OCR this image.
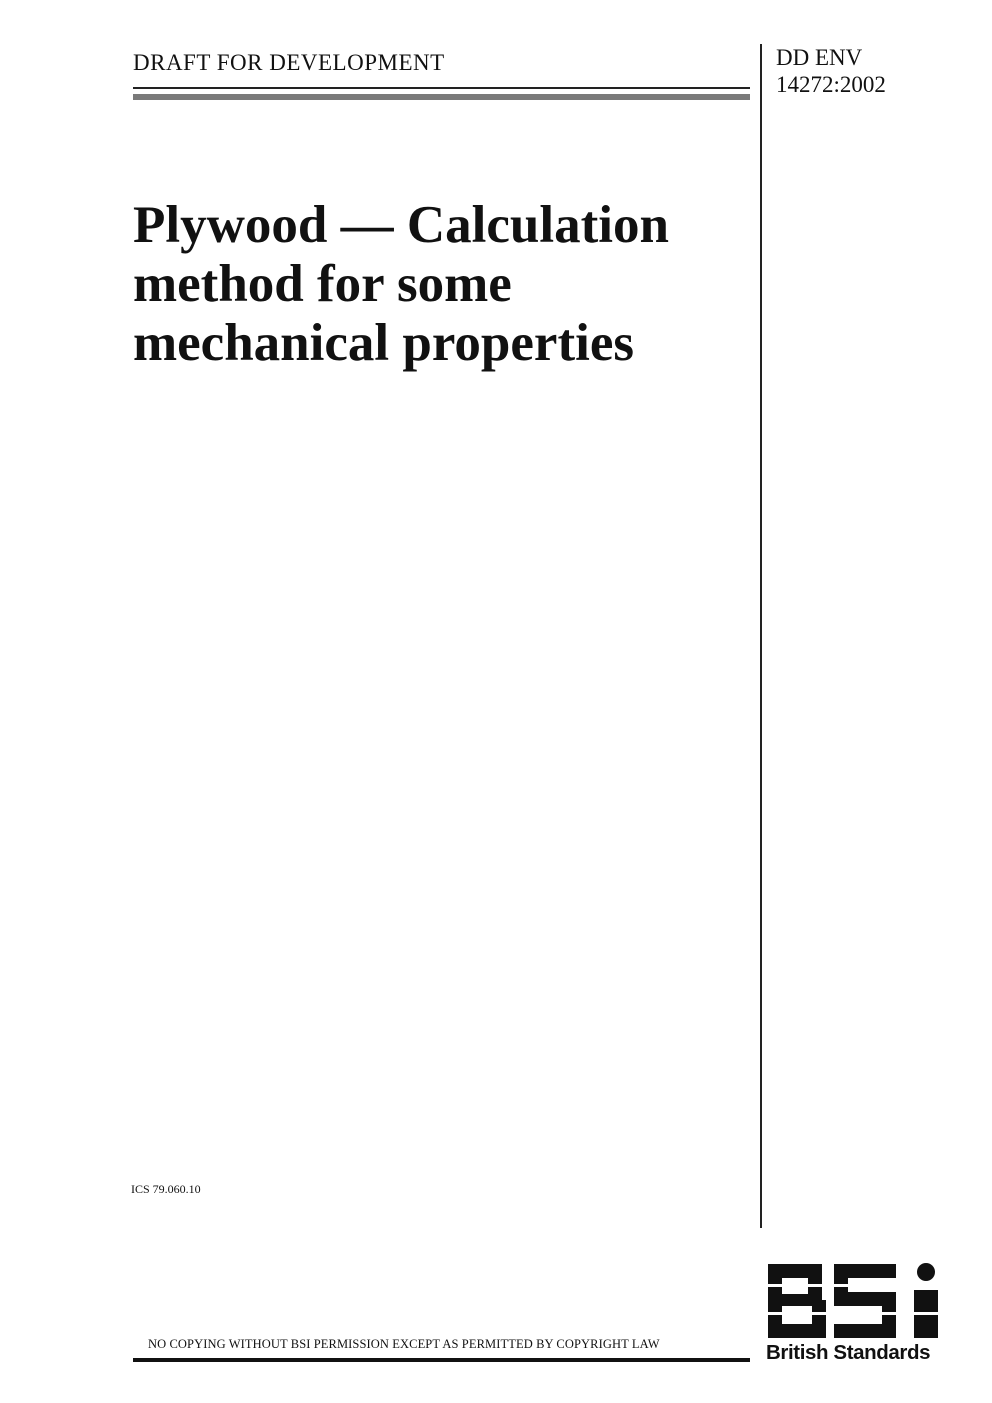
DRAFT FOR DEVELOPMENT	DD ENV
14272:2002
Plywood — Calculation
method for some
mechanical properties
ICS 79.060.10
NO COPYING WITHOUT BSI PERMISSION EXCEPT AS PERMITTED BY COPYRIGHT LAW	British Standards
